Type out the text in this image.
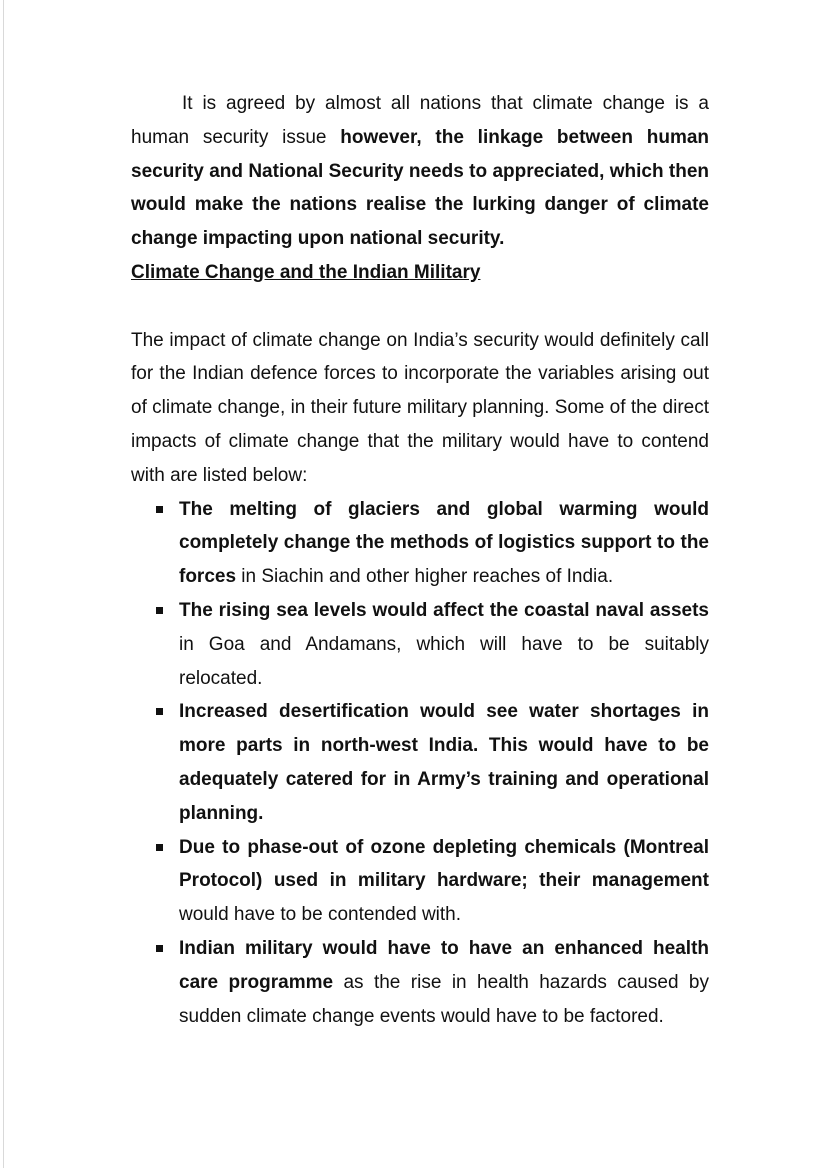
It is agreed by almost all nations that climate change is a human security issue however, the linkage between human security and National Security needs to appreciated, which then would make the nations realise the lurking danger of climate change impacting upon national security.

Climate Change and the Indian Military

The impact of climate change on India’s security would definitely call for the Indian defence forces to incorporate the variables arising out of climate change, in their future military planning. Some of the direct impacts of climate change that the military would have to contend with are listed below:

The melting of glaciers and global warming would completely change the methods of logistics support to the forces in Siachin and other higher reaches of India.
The rising sea levels would affect the coastal naval assets in Goa and Andamans, which will have to be suitably relocated.
Increased desertification would see water shortages in more parts in north-west India. This would have to be adequately catered for in Army’s training and operational planning.
Due to phase-out of ozone depleting chemicals (Montreal Protocol) used in military hardware; their management would have to be contended with.
Indian military would have to have an enhanced health care programme as the rise in health hazards caused by sudden climate change events would have to be factored.
